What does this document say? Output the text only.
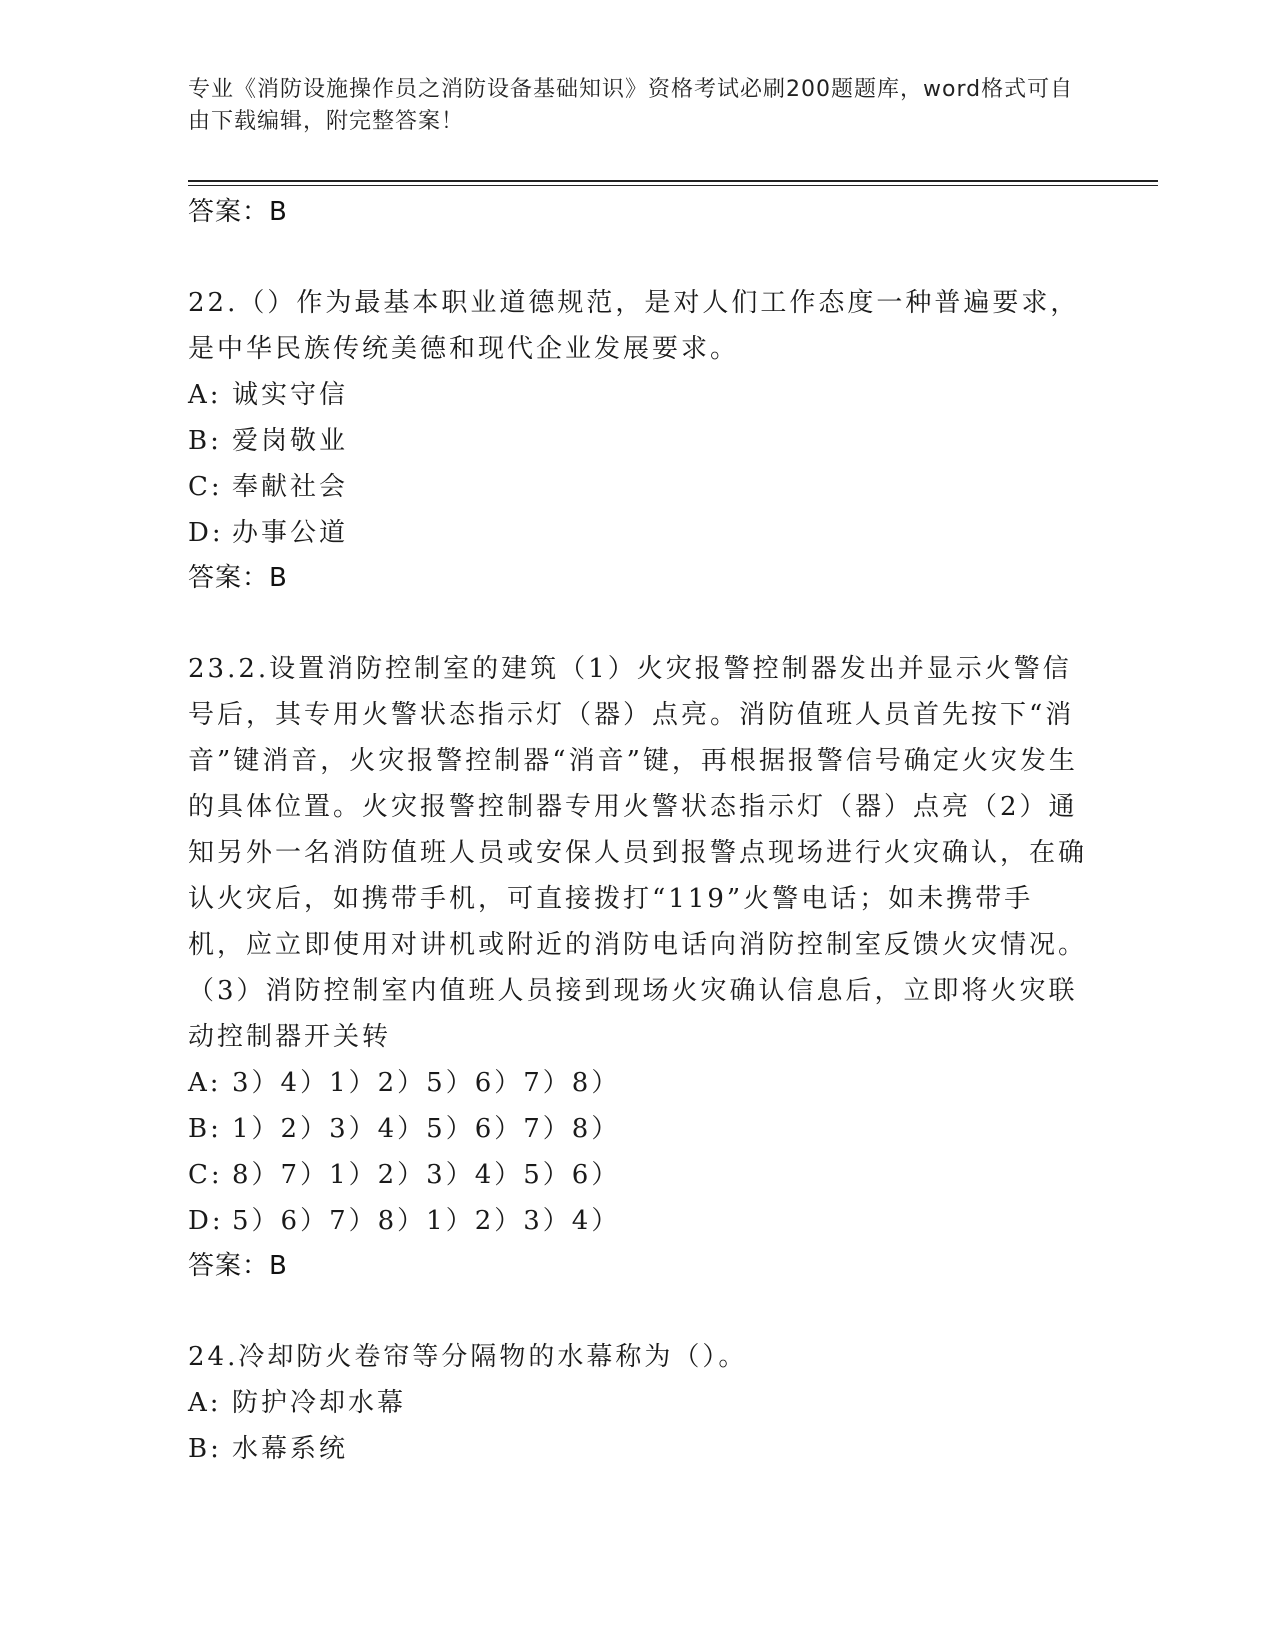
专业《消防设施操作员之消防设备基础知识》资格考试必刷200题题库，word格式可自由下载编辑，附完整答案！

答案：B

22.（）作为最基本职业道德规范，是对人们工作态度一种普遍要求，是中华民族传统美德和现代企业发展要求。

A: 诚实守信

B: 爱岗敬业

C: 奉献社会

D: 办事公道

答案：B

23.2.设置消防控制室的建筑（1）火灾报警控制器发出并显示火警信号后，其专用火警状态指示灯（器）点亮。消防值班人员首先按下“消音”键消音，火灾报警控制器“消音”键，再根据报警信号确定火灾发生的具体位置。火灾报警控制器专用火警状态指示灯（器）点亮（2）通知另外一名消防值班人员或安保人员到报警点现场进行火灾确认，在确认火灾后，如携带手机，可直接拨打“119”火警电话；如未携带手机，应立即使用对讲机或附近的消防电话向消防控制室反馈火灾情况。（3）消防控制室内值班人员接到现场火灾确认信息后，立即将火灾联动控制器开关转

A: 3）4）1）2）5）6）7）8）

B: 1）2）3）4）5）6）7）8）

C: 8）7）1）2）3）4）5）6）

D: 5）6）7）8）1）2）3）4）

答案：B

24.冷却防火卷帘等分隔物的水幕称为（）。

A: 防护冷却水幕

B: 水幕系统
